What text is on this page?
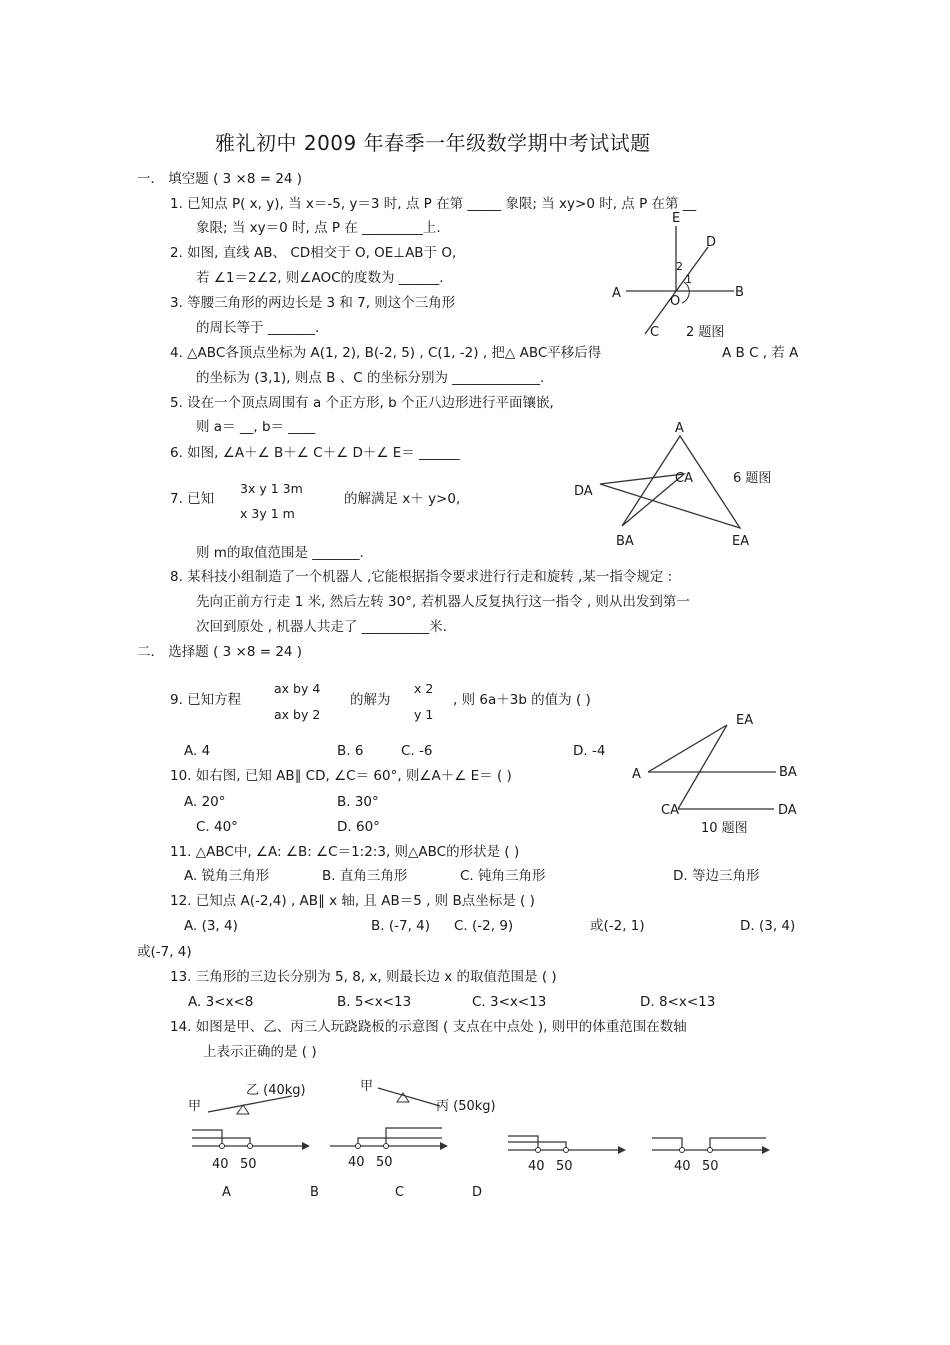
雅礼初中 2009 年春季一年级数学期中考试试题
一． 填空题 ( 3 ×8 = 24 )
1. 已知点 P( x, y), 当 x＝-5, y＝3 时, 点 P 在第 _____ 象限; 当 xy>0 时, 点 P 在第 __
象限; 当 xy＝0 时, 点 P 在 _________上.
2. 如图, 直线 AB、 CD相交于 O, OE⊥AB于 O,
若 ∠1＝2∠2, 则∠AOC的度数为 ______.
3. 等腰三角形的两边长是 3 和 7, 则这个三角形
的周长等于 _______.
4. △ABC各顶点坐标为 A(1, 2), B(-2, 5) , C(1, -2) , 把△ ABC平移后得	A B C , 若 A
的坐标为 (3,1), 则点 B 、C 的坐标分别为 _____________.
5. 设在一个顶点周围有 a 个正方形, b 个正八边形进行平面镶嵌,
则 a＝ __, b＝ ____
6. 如图, ∠A＋∠ B＋∠ C＋∠ D＋∠ E＝ ______
7. 已知
3x y 1 3m
x 3y 1 m
的解满足 x＋ y>0,
则 m的取值范围是 _______.
8. 某科技小组制造了一个机器人 ,它能根据指令要求进行行走和旋转 ,某一指令规定 :
先向正前方行走 1 米, 然后左转 30°, 若机器人反复执行这一指令 , 则从出发到第一
次回到原处 , 机器人共走了 __________米.
二． 选择题 ( 3 ×8 = 24 )
9. 已知方程
ax by 4
ax by 2
的解为
x 2
y 1
, 则 6a＋3b 的值为 ( )
A. 4	B. 6	C. -6	D. -4
10. 如右图, 已知 AB∥ CD, ∠C＝ 60°, 则∠A＋∠ E＝ ( )
A. 20°	B. 30°
C. 40°	D. 60°
11. △ABC中, ∠A: ∠B: ∠C＝1:2:3, 则△ABC的形状是 ( )
A. 锐角三角形	B. 直角三角形	C. 钝角三角形	D. 等边三角形
12. 已知点 A(-2,4) , AB∥ x 轴, 且 AB＝5 , 则 B点坐标是 ( )
A. (3, 4)	B. (-7, 4) C. (-2, 9)	或(-2, 1)	D. (3, 4)
或(-7, 4)
13. 三角形的三边长分别为 5, 8, x, 则最长边 x 的取值范围是 ( )
A. 3<x<8	B. 5<x<13	C. 3<x<13	D. 8<x<13
14. 如图是甲、乙、丙三人玩跷跷板的示意图 ( 支点在中点处 ), 则甲的体重范围在数轴
上表示正确的是 ( )
E
D
A	B
O
C
1
2
2 题图
A
CA
DA
BA	EA
6 题图
EA
A	BA
CA	DA
10 题图
甲
乙 (40kg)	甲
丙 (50kg)
40 50
A
40 50
B
40 50
C
40 50
D
